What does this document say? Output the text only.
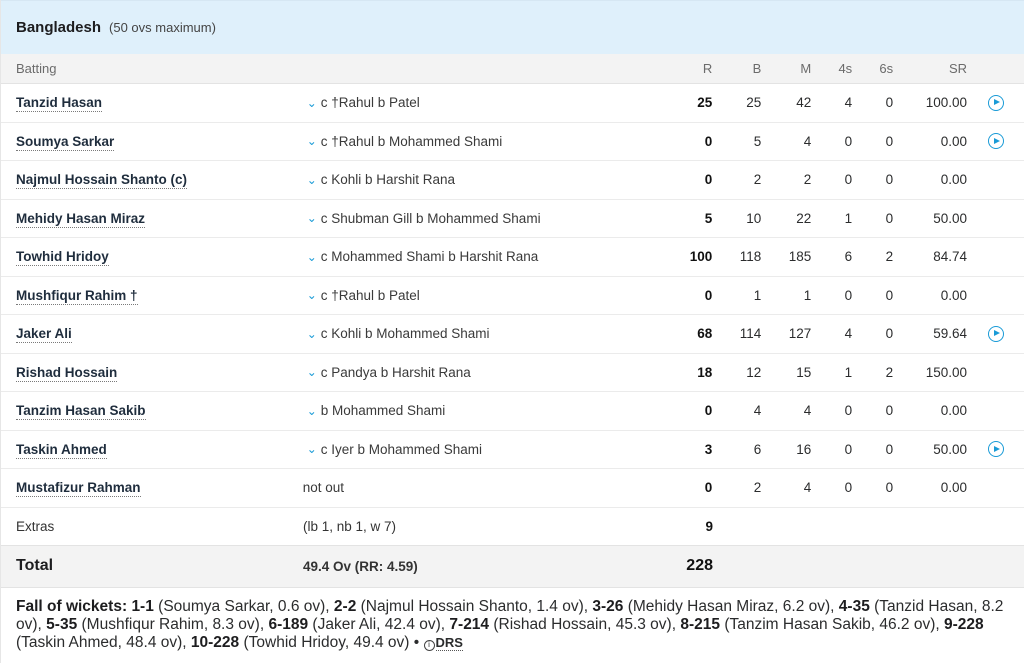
Bangladesh (50 ovs maximum)
Batting	R	B	M	4s	6s	SR
Tanzid Hasan	⌄ c †Rahul b Patel	25	25	42	4	0	100.00
Soumya Sarkar	⌄ c †Rahul b Mohammed Shami	0	5	4	0	0	0.00
Najmul Hossain Shanto (c)	⌄ c Kohli b Harshit Rana	0	2	2	0	0	0.00
Mehidy Hasan Miraz	⌄ c Shubman Gill b Mohammed Shami	5	10	22	1	0	50.00
Towhid Hridoy	⌄ c Mohammed Shami b Harshit Rana	100	118	185	6	2	84.74
Mushfiqur Rahim †	⌄ c †Rahul b Patel	0	1	1	0	0	0.00
Jaker Ali	⌄ c Kohli b Mohammed Shami	68	114	127	4	0	59.64
Rishad Hossain	⌄ c Pandya b Harshit Rana	18	12	15	1	2	150.00
Tanzim Hasan Sakib	⌄ b Mohammed Shami	0	4	4	0	0	0.00
Taskin Ahmed	⌄ c Iyer b Mohammed Shami	3	6	16	0	0	50.00
Mustafizur Rahman	not out	0	2	4	0	0	0.00
Extras	(lb 1, nb 1, w 7)	9
Total	49.4 Ov (RR: 4.59)	228
Fall of wickets: 1-1 (Soumya Sarkar, 0.6 ov), 2-2 (Najmul Hossain Shanto, 1.4 ov), 3-26 (Mehidy Hasan Miraz, 6.2 ov), 4-35 (Tanzid Hasan, 8.2 ov), 5-35 (Mushfiqur Rahim, 8.3 ov), 6-189 (Jaker Ali, 42.4 ov), 7-214 (Rishad Hossain, 45.3 ov), 8-215 (Tanzim Hasan Sakib, 46.2 ov), 9-228 (Taskin Ahmed, 48.4 ov), 10-228 (Towhid Hridoy, 49.4 ov) • i DRS
